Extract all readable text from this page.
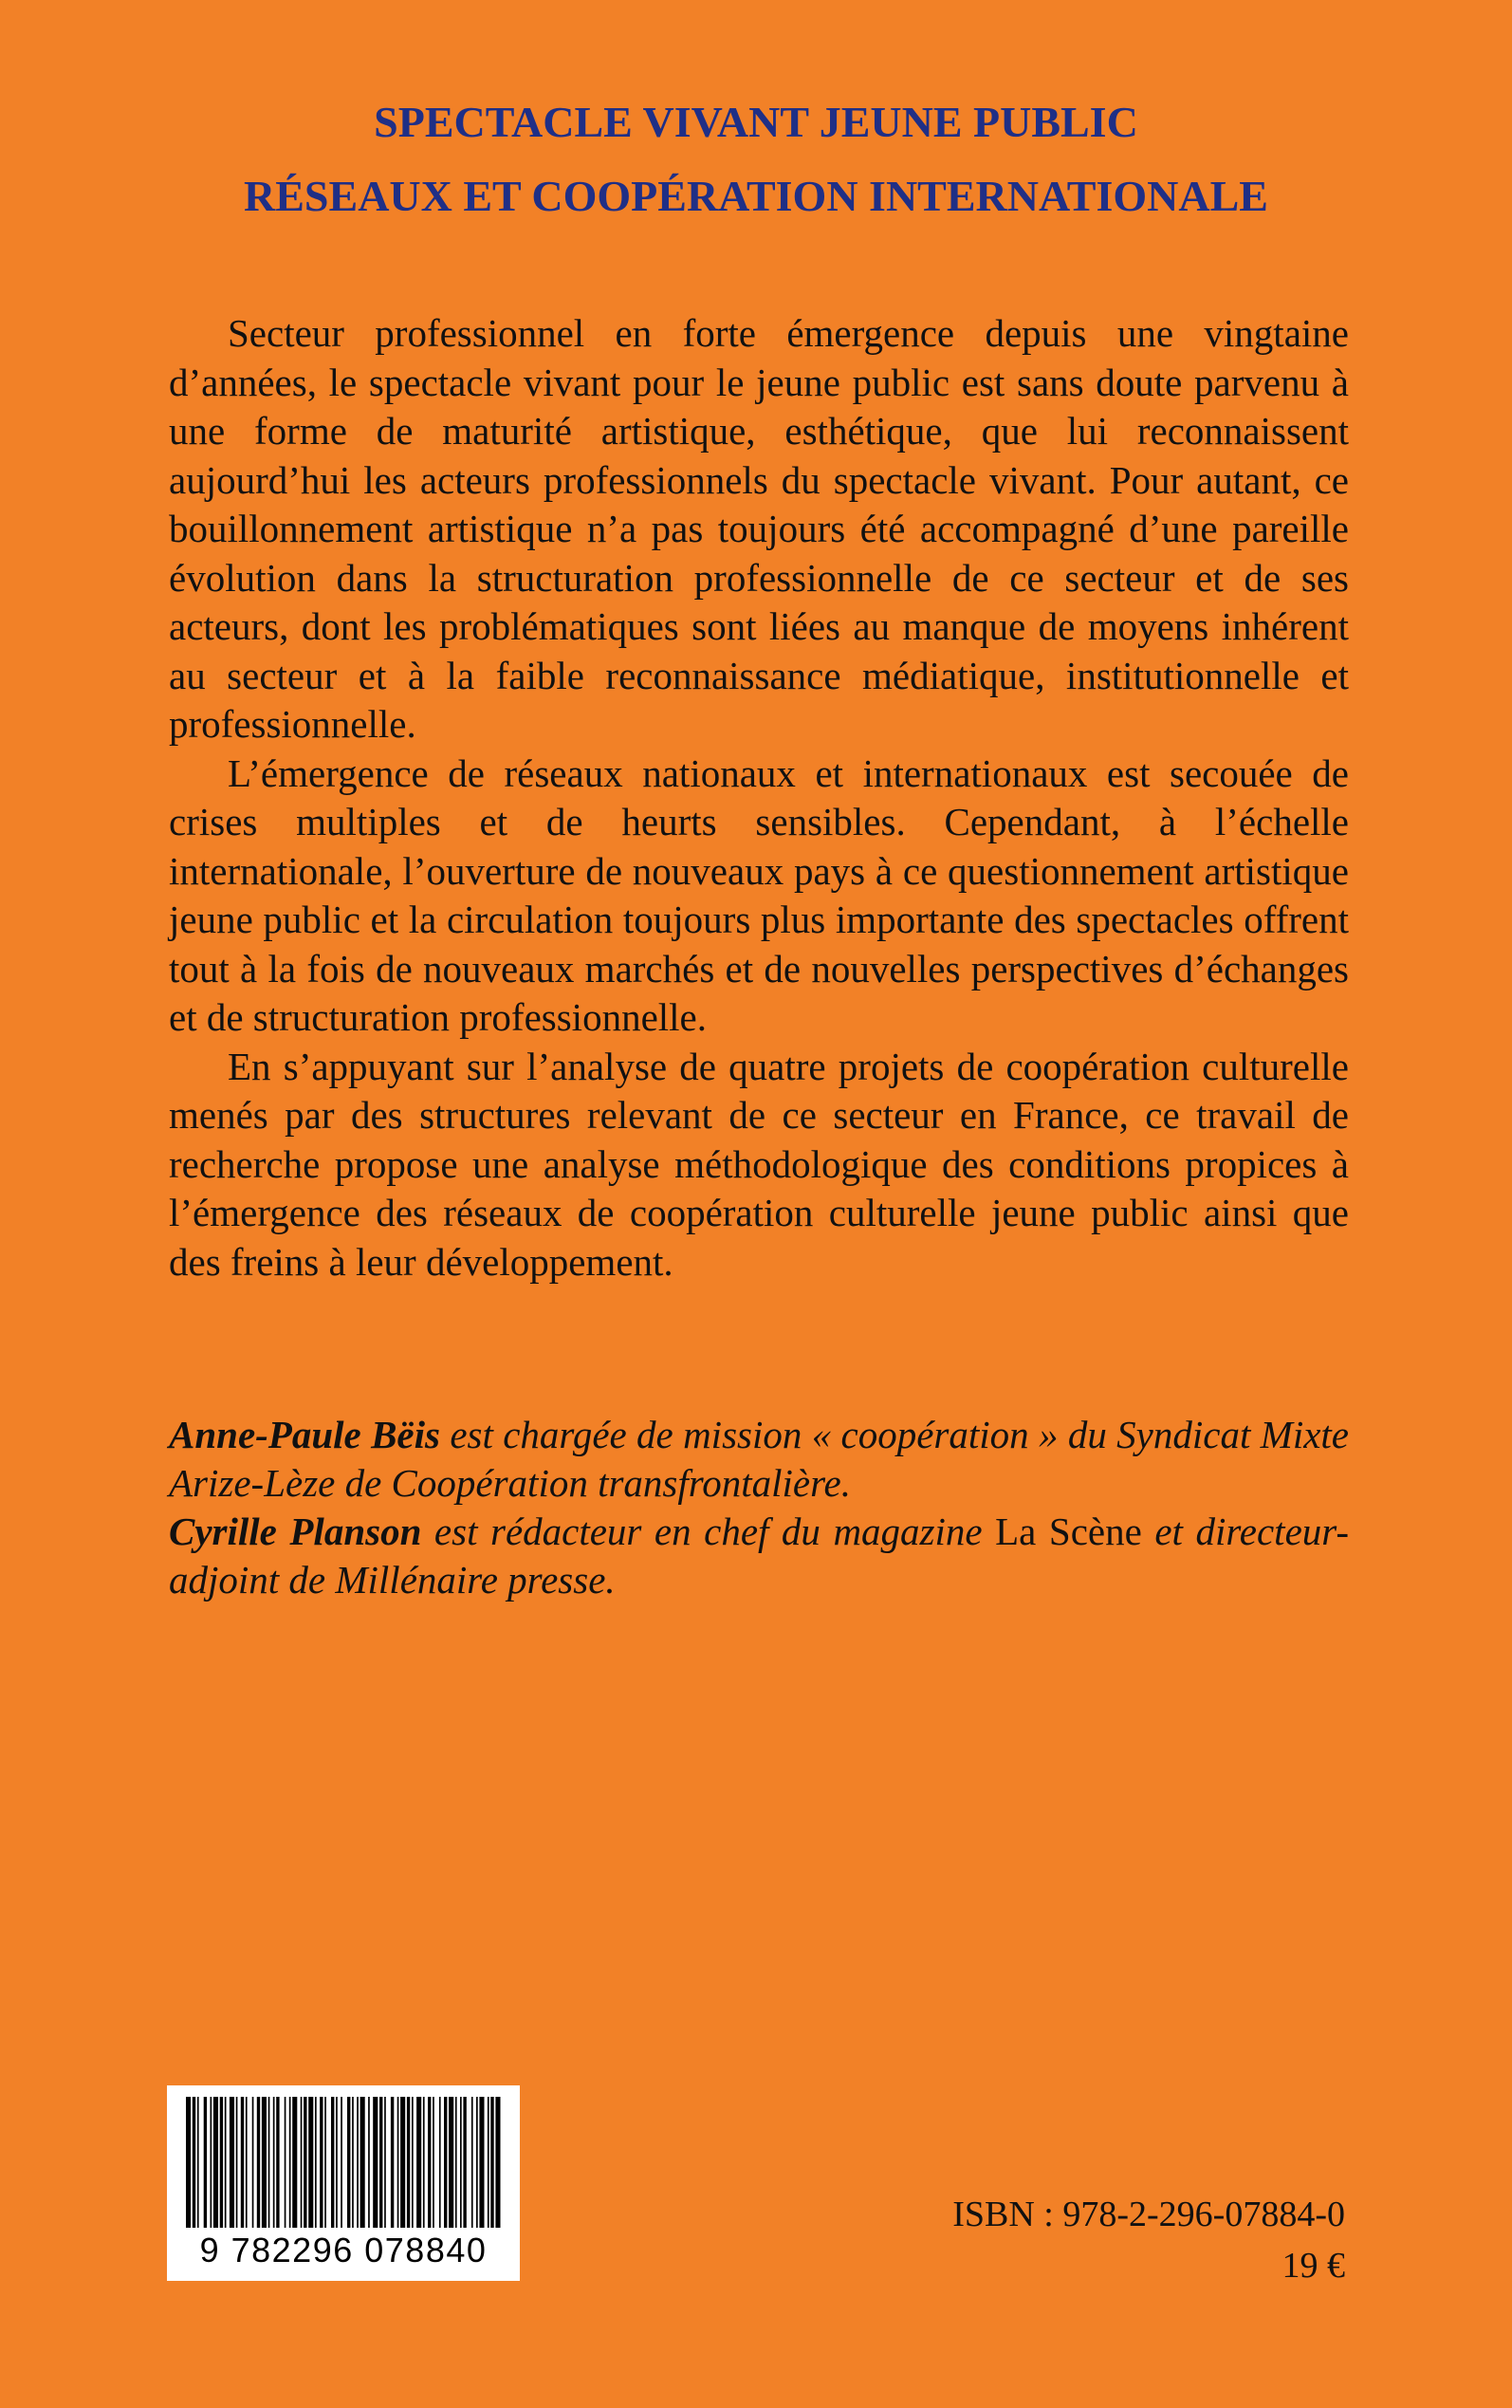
SPECTACLE VIVANT JEUNE PUBLIC
RÉSEAUX ET COOPÉRATION INTERNATIONALE

Secteur professionnel en forte émergence depuis une vingtaine d’années, le spectacle vivant pour le jeune public est sans doute parvenu à une forme de maturité artistique, esthétique, que lui reconnaissent aujourd’hui les acteurs professionnels du spectacle vivant. Pour autant, ce bouillonnement artistique n’a pas toujours été accompagné d’une pareille évolution dans la structuration professionnelle de ce secteur et de ses acteurs, dont les problématiques sont liées au manque de moyens inhérent au secteur et à la faible reconnaissance médiatique, institutionnelle et professionnelle.

L’émergence de réseaux nationaux et internationaux est secouée de crises multiples et de heurts sensibles. Cependant, à l’échelle internationale, l’ouverture de nouveaux pays à ce questionnement artistique jeune public et la circulation toujours plus importante des spectacles offrent tout à la fois de nouveaux marchés et de nouvelles perspectives d’échanges et de structuration professionnelle.

En s’appuyant sur l’analyse de quatre projets de coopération culturelle menés par des structures relevant de ce secteur en France, ce travail de recherche propose une analyse méthodologique des conditions propices à l’émergence des réseaux de coopération culturelle jeune public ainsi que des freins à leur développement.

Anne-Paule Bëis est chargée de mission « coopération » du Syndicat Mixte Arize-Lèze de Coopération transfrontalière.

Cyrille Planson est rédacteur en chef du magazine La Scène et directeur-adjoint de Millénaire presse.

9 782296 078840
ISBN : 978-2-296-07884-0
19 €
